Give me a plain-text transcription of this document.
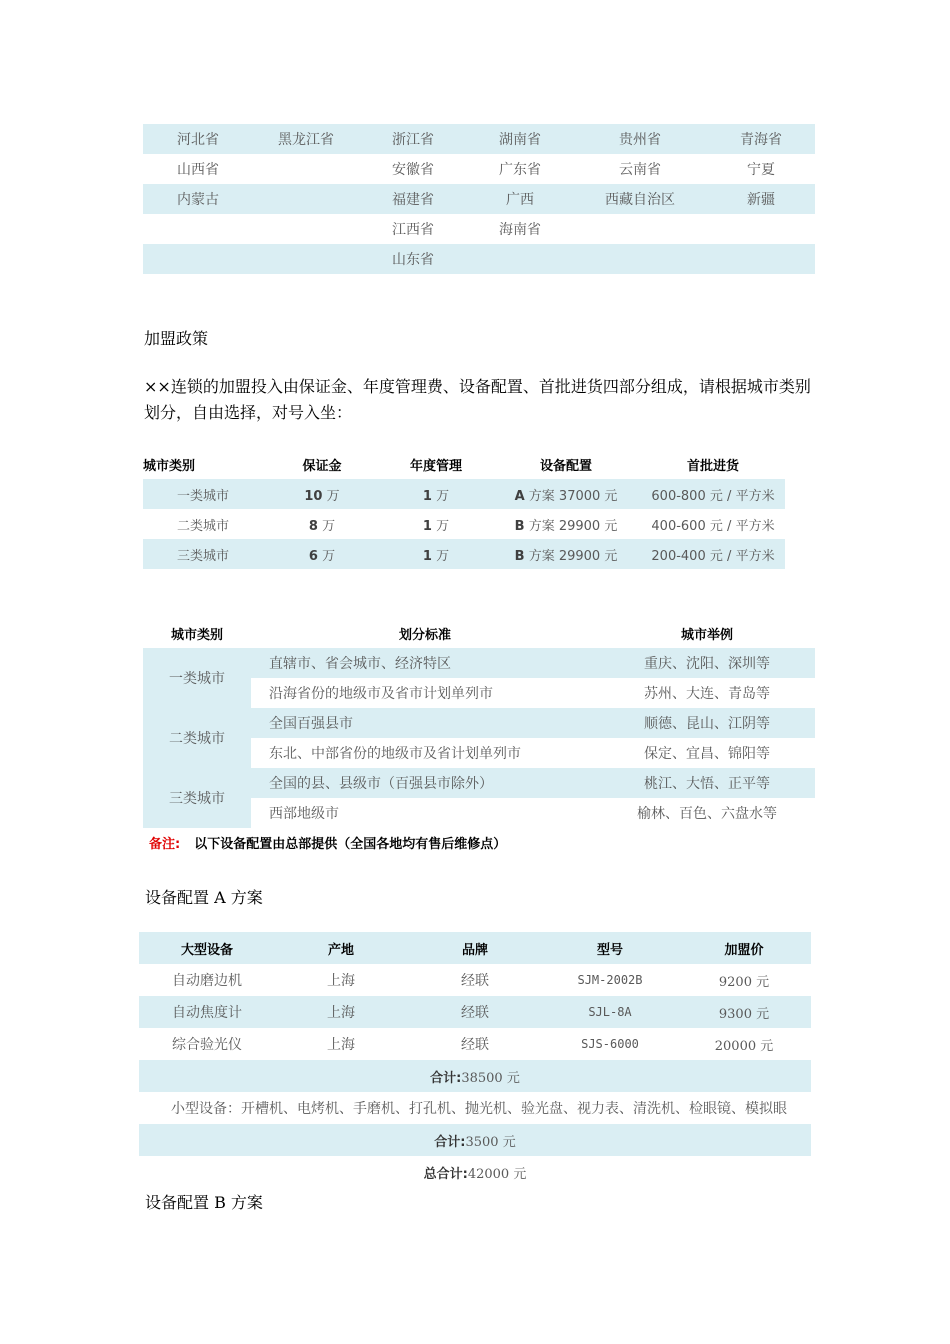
河北省	黑龙江省	浙江省	湖南省	贵州省	青海省
山西省		安徽省	广东省	云南省	宁夏
内蒙古		福建省	广西	西藏自治区	新疆
		江西省	海南省		
		山东省			
加盟政策
××连锁的加盟投入由保证金、年度管理费、设备配置、首批进货四部分组成，请根据城市类别划分，自由选择，对号入坐：
城市类别	保证金	年度管理	设备配置	首批进货
一类城市	10 万	1 万	A 方案 37000 元	600-800 元 / 平方米
二类城市	8 万	1 万	B 方案 29900 元	400-600 元 / 平方米
三类城市	6 万	1 万	B 方案 29900 元	200-400 元 / 平方米
城市类别	划分标准	城市举例
一类城市	直辖市、省会城市、经济特区	重庆、沈阳、深圳等
	沿海省份的地级市及省市计划单列市	苏州、大连、青岛等
二类城市	全国百强县市	顺德、昆山、江阴等
	东北、中部省份的地级市及省计划单列市	保定、宜昌、锦阳等
三类城市	全国的县、县级市（百强县市除外）	桃江、大悟、正平等
	西部地级市	榆林、百色、六盘水等
备注: 以下设备配置由总部提供（全国各地均有售后维修点）
设备配置 A 方案
大型设备	产地	品牌	型号	加盟价
自动磨边机	上海	经联	SJM-2002B	9200 元
自动焦度计	上海	经联	SJL-8A	9300 元
综合验光仪	上海	经联	SJS-6000	20000 元
合计:38500 元				
小型设备：开槽机、电烤机、手磨机、打孔机、抛光机、验光盘、视力表、清洗机、检眼镜、模拟眼				
合计:3500 元				
总合计:42000 元				
设备配置 B 方案
